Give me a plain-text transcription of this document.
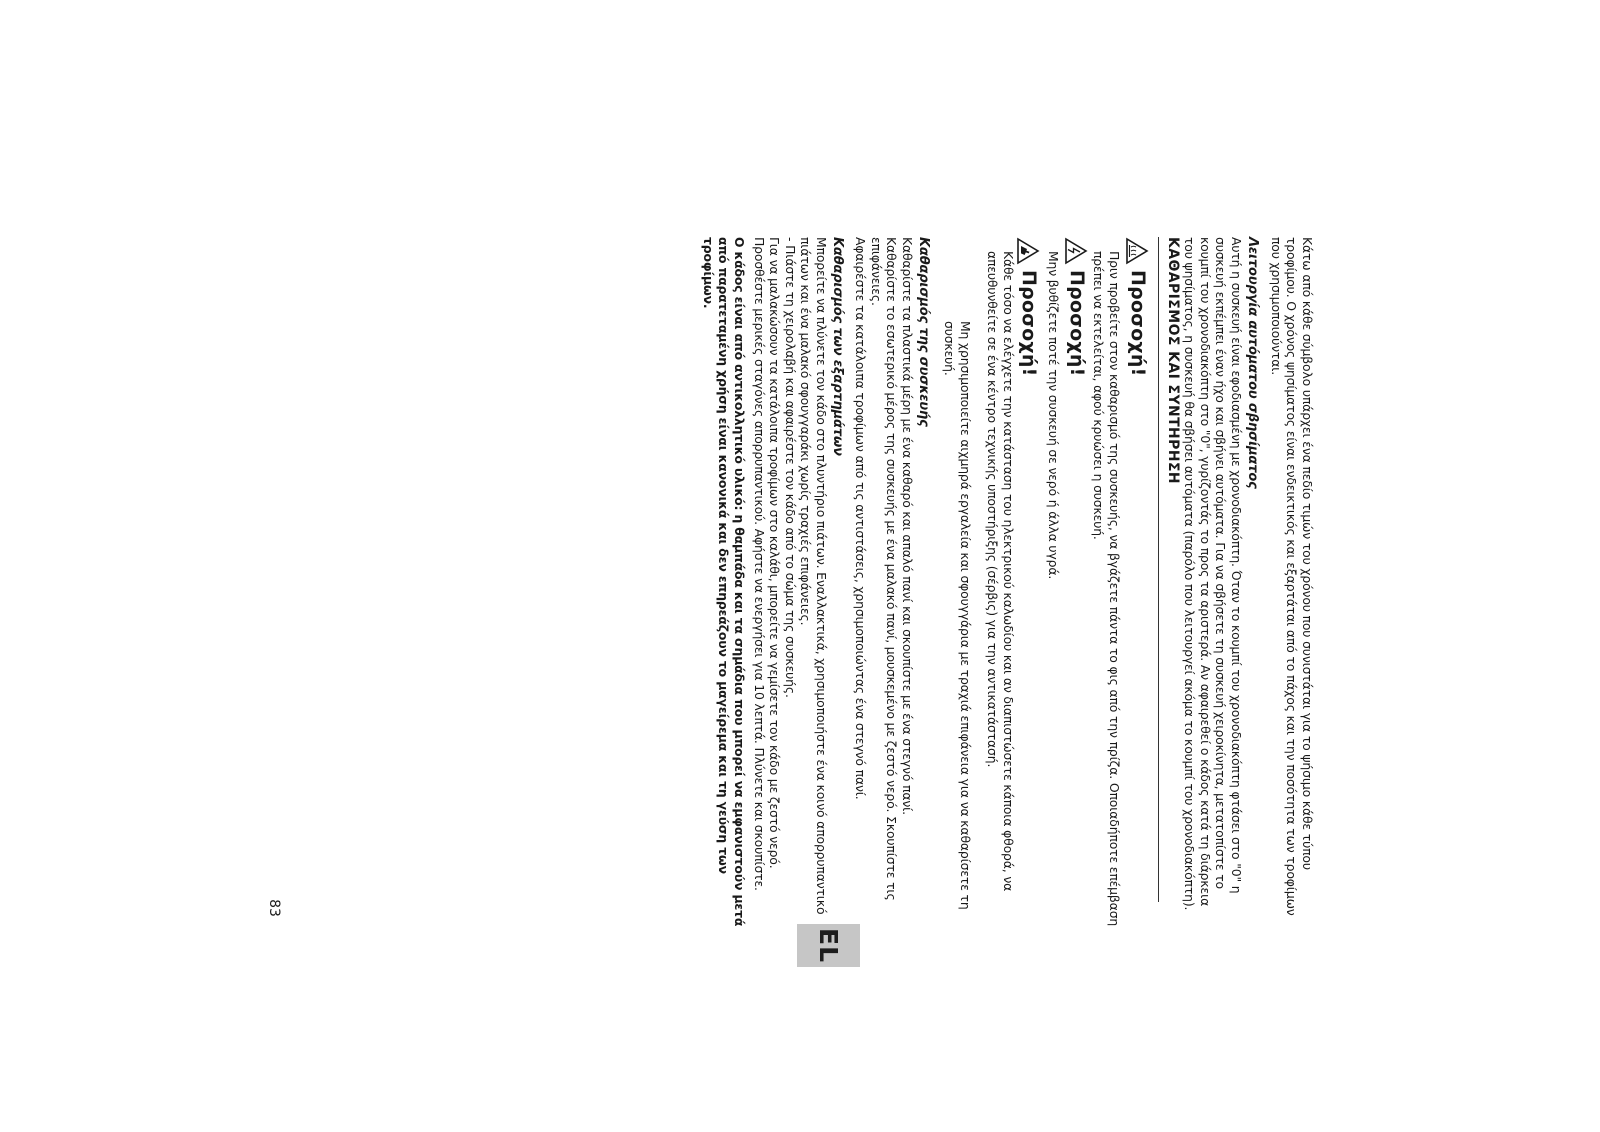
Κάτω από κάθε σύμβολο υπάρχει ένα πεδίο τιμών του χρόνου που συνιστάται για το ψήσιμο κάθε τύπου τροφίμου. Ο χρόνος ψησίματος είναι ενδεικτικός και εξαρτάται από το πάχος και την ποσότητα των τροφίμων που χρησιμοποιούνται.

Λειτουργία αυτόματου σβησίματος

Αυτή η συσκευή είναι εφοδιασμένη με χρονοδιακόπτη. Όταν το κουμπί του χρονοδιακόπτη φτάσει στο "0" η συσκευή εκπέμπει έναν ήχο και σβήνει αυτόματα. Για να σβήσετε τη συσκευή χειροκίνητα, μετατοπίστε το κουμπί του χρονοδιακόπτη στο "0", γυρίζοντάς το προς τα αριστερά. Αν αφαιρεθεί ο κάδος κατά τη διάρκεια του ψησίματος, η συσκευή θα σβήσει αυτόματα (παρόλο που λειτουργεί ακόμα το κουμπί του χρονοδιακόπτη).

ΚΑΘΑΡΙΣΜΟΣ ΚΑΙ ΣΥΝΤΗΡΗΣΗ
Προσοχή!

Πριν προβείτε στον καθαρισμό της συσκευής, να βγάζετε πάντα το φις από την πρίζα. Οποιαδήποτε επέμβαση πρέπει να εκτελείται, αφού κρυώσει η συσκευή.

Προσοχή!

Μην βυθίζετε ποτέ την συσκευή σε νερό ή άλλα υγρά.

Προσοχή!

Κάθε τόσο να ελέγχετε την κατάσταση του ηλεκτρικού καλωδίου και αν διαπιστώσετε κάποια φθορά, να απευθυνθείτε σε ένα κέντρο τεχνικής υποστήριξης (σέρβις) για την αντικατάστασή.

Μη χρησιμοποιείτε αιχμηρά εργαλεία και σφουγγάρια με τραχιά επιφάνεια για να καθαρίσετε τη συσκευή.

Καθαρισμός της συσκευής

Καθαρίστε τα πλαστικά μέρη με ένα καθαρό και απαλό πανί και σκουπίστε με ένα στεγνό πανί.

Καθαρίστε το εσωτερικό μέρος της συσκευής με ένα μαλακό πανί, μουσκεμένο με ζεστό νερό. Σκουπίστε τις επιφάνειες.

Αφαιρέστε τα κατάλοιπα τροφίμων από τις αντιστάσεις, χρησιμοποιώντας ένα στεγνό πανί.

Καθαρισμός των εξαρτημάτων

Μπορείτε να πλύνετε τον κάδο στο πλυντήριο πιάτων. Εναλλακτικά, χρησιμοποιήστε ένα κοινό απορρυπαντικό πιάτων και ένα μαλακό σφουγγαράκι χωρίς τραχιές επιφάνειες.

- Πιάστε τη χειρολαβή και αφαιρέστε τον κάδο από το σώμα της συσκευής.

Για να μαλακώσουν τα κατάλοιπα τροφίμων στο καλάθι, μπορείτε να γεμίσετε τον κάδο με ζεστό νερό. Προσθέστε μερικές σταγόνες απορρυπαντικού. Αφήστε να ενεργήσει για 10 λεπτά. Πλύνετε και σκουπίστε.

Ο κάδος είναι από αντικολλητικό υλικό: η θαμπάδα και τα σημάδια που μπορεί να εμφανιστούν μετά από παρατεταμένη χρήση είναι κανονικά και δεν επηρεάζουν το μαγείρεμα και τη γεύση των τροφίμων.

EL
83
